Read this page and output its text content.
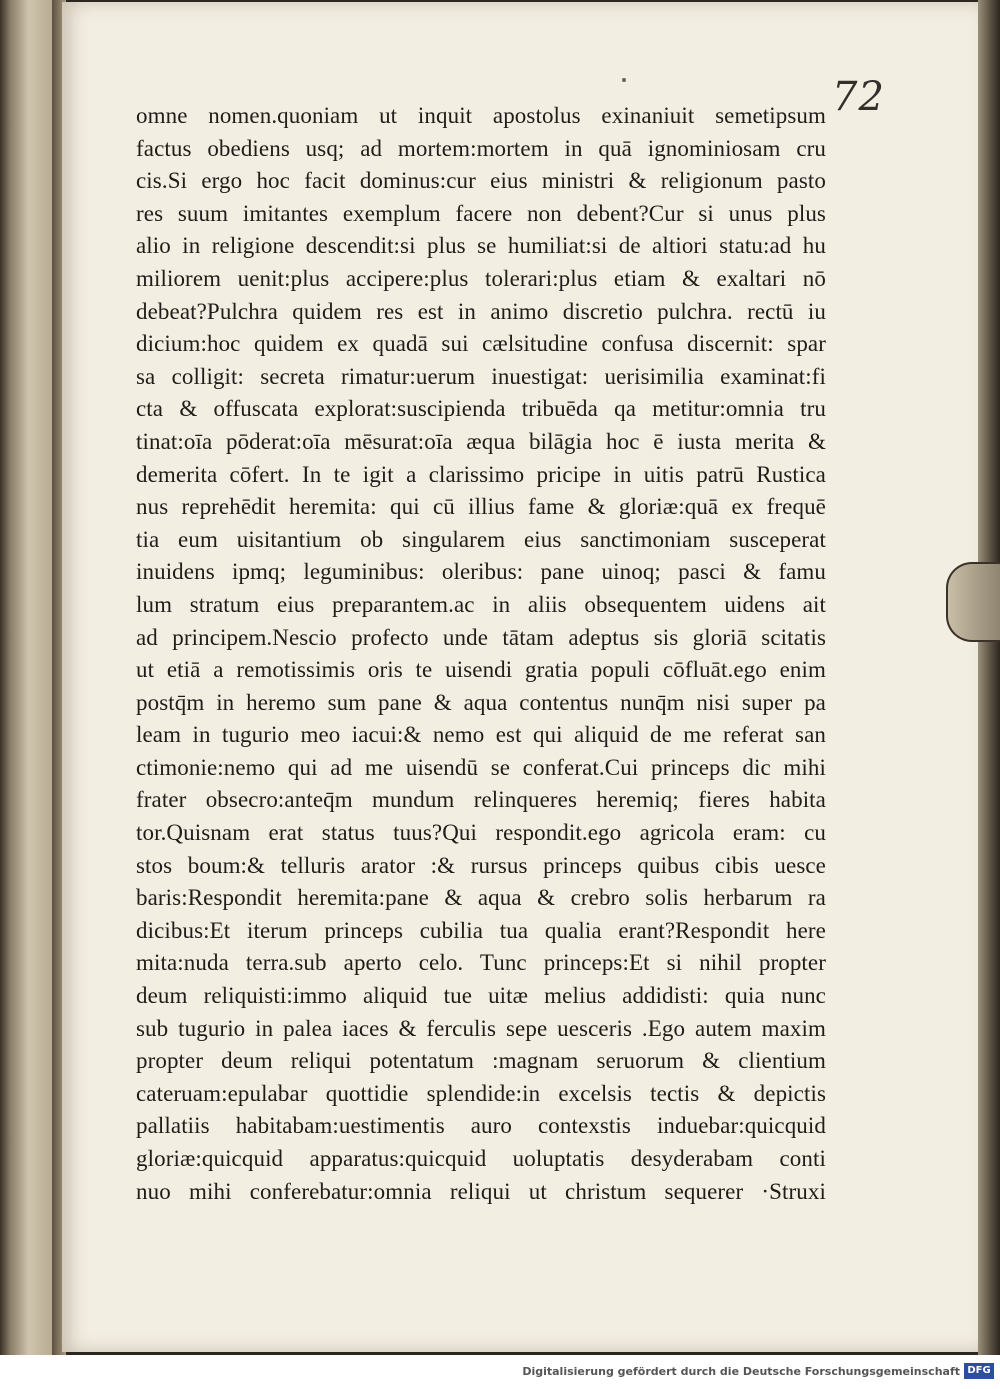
72
omne nomen.quoniam ut inquit apostolus exinaniuit semetipsum
factus obediens usq; ad mortem:mortem in quā ignominiosam cru
cis.Si ergo hoc facit dominus:cur eius ministri & religionum pasto
res suum imitantes exemplum facere non debent?Cur si unus plus
alio in religione descendit:si plus se humiliat:si de altiori statu:ad hu
miliorem uenit:plus accipere:plus tolerari:plus etiam & exaltari nō
debeat?Pulchra quidem res est in animo discretio pulchra. rectū iu
dicium:hoc quidem ex quadā sui cælsitudine confusa discernit: spar
sa colligit: secreta rimatur:uerum inuestigat: uerisimilia examinat:fi
cta & offuscata explorat:suscipienda tribuēda qa metitur:omnia tru
tinat:oīa pōderat:oīa mēsurat:oīa æqua bilāgia hoc ē iusta merita &
demerita cōfert. In te igit a clarissimo pricipe in uitis patrū Rustica
nus reprehēdit heremita: qui cū illius fame & gloriæ:quā ex frequē
tia eum uisitantium ob singularem eius sanctimoniam susceperat
inuidens ipmq; leguminibus: oleribus: pane uinoq; pasci & famu
lum stratum eius preparantem.ac in aliis obsequentem uidens ait
ad principem.Nescio profecto unde tātam adeptus sis gloriā scitatis
ut etiā a remotissimis oris te uisendi gratia populi cōfluāt.ego enim
postq̄m in heremo sum pane & aqua contentus nunq̄m nisi super pa
leam in tugurio meo iacui:& nemo est qui aliquid de me referat san
ctimonie:nemo qui ad me uisendū se conferat.Cui princeps dic mihi
frater obsecro:anteq̄m mundum relinqueres heremiq; fieres habita
tor.Quisnam erat status tuus?Qui respondit.ego agricola eram: cu
stos boum:& telluris arator :& rursus princeps quibus cibis uesce
baris:Respondit heremita:pane & aqua & crebro solis herbarum ra
dicibus:Et iterum princeps cubilia tua qualia erant?Respondit here
mita:nuda terra.sub aperto celo. Tunc princeps:Et si nihil propter
deum reliquisti:immo aliquid tue uitæ melius addidisti: quia nunc
sub tugurio in palea iaces & ferculis sepe uesceris .Ego autem maxim
propter deum reliqui potentatum :magnam seruorum & clientium
cateruam:epulabar quottidie splendide:in excelsis tectis & depictis
pallatiis habitabam:uestimentis auro contexstis induebar:quicquid
gloriæ:quicquid apparatus:quicquid uoluptatis desyderabam conti
nuo mihi conferebatur:omnia reliqui ut christum sequerer ·Struxi
Digitalisierung gefördert durch die Deutsche Forschungsgemeinschaft DFG
